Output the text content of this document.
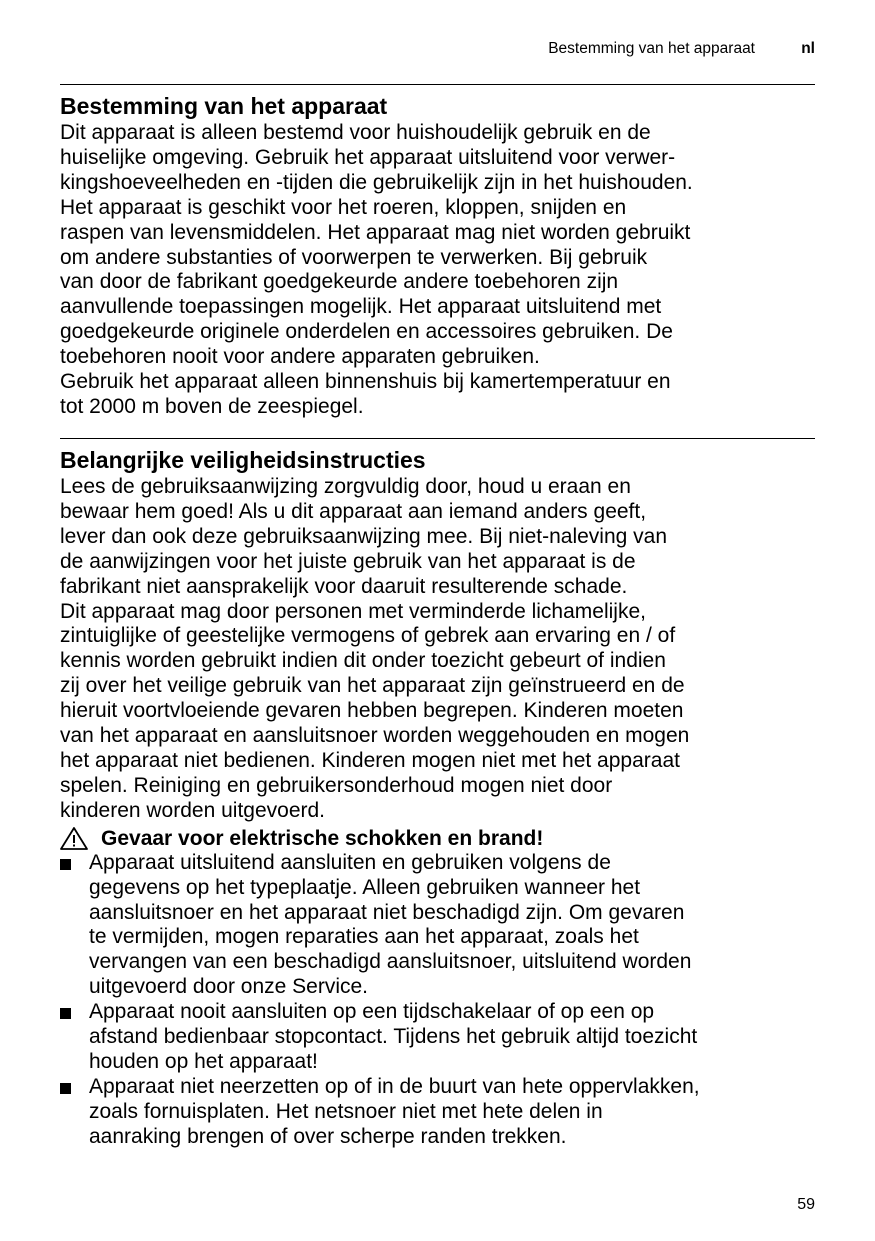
Bestemming van het apparaat	nl
Bestemming van het apparaat

Dit apparaat is alleen bestemd voor huishoudelijk gebruik en de
huiselijke omgeving. Gebruik het apparaat uitsluitend voor verwer-
kingshoeveelheden en -tijden die gebruikelijk zijn in het huishouden.
Het apparaat is geschikt voor het roeren, kloppen, snijden en
raspen van levensmiddelen. Het apparaat mag niet worden gebruikt
om andere substanties of voorwerpen te verwerken. Bij gebruik
van door de fabrikant goedgekeurde andere toebehoren zijn
aanvullende toepassingen mogelijk. Het apparaat uitsluitend met
goedgekeurde originele onderdelen en accessoires gebruiken. De
toebehoren nooit voor andere apparaten gebruiken.
Gebruik het apparaat alleen binnenshuis bij kamertemperatuur en
tot 2000 m boven de zeespiegel.

Belangrijke veiligheidsinstructies

Lees de gebruiksaanwijzing zorgvuldig door, houd u eraan en
bewaar hem goed! Als u dit apparaat aan iemand anders geeft,
lever dan ook deze gebruiksaanwijzing mee. Bij niet-naleving van
de aanwijzingen voor het juiste gebruik van het apparaat is de
fabrikant niet aansprakelijk voor daaruit resulterende schade.
Dit apparaat mag door personen met verminderde lichamelijke,
zintuiglijke of geestelijke vermogens of gebrek aan ervaring en / of
kennis worden gebruikt indien dit onder toezicht gebeurt of indien
zij over het veilige gebruik van het apparaat zijn geïnstrueerd en de
hieruit voortvloeiende gevaren hebben begrepen. Kinderen moeten
van het apparaat en aansluitsnoer worden weggehouden en mogen
het apparaat niet bedienen. Kinderen mogen niet met het apparaat
spelen. Reiniging en gebruikersonderhoud mogen niet door
kinderen worden uitgevoerd.

Gevaar voor elektrische schokken en brand!
Apparaat uitsluitend aansluiten en gebruiken volgens de
gegevens op het typeplaatje. Alleen gebruiken wanneer het
aansluitsnoer en het apparaat niet beschadigd zijn. Om gevaren
te vermijden, mogen reparaties aan het apparaat, zoals het
vervangen van een beschadigd aansluitsnoer, uitsluitend worden
uitgevoerd door onze Service.
Apparaat nooit aansluiten op een tijdschakelaar of op een op
afstand bedienbaar stopcontact. Tijdens het gebruik altijd toezicht
houden op het apparaat!
Apparaat niet neerzetten op of in de buurt van hete oppervlakken,
zoals fornuisplaten. Het netsnoer niet met hete delen in
aanraking brengen of over scherpe randen trekken.
59
